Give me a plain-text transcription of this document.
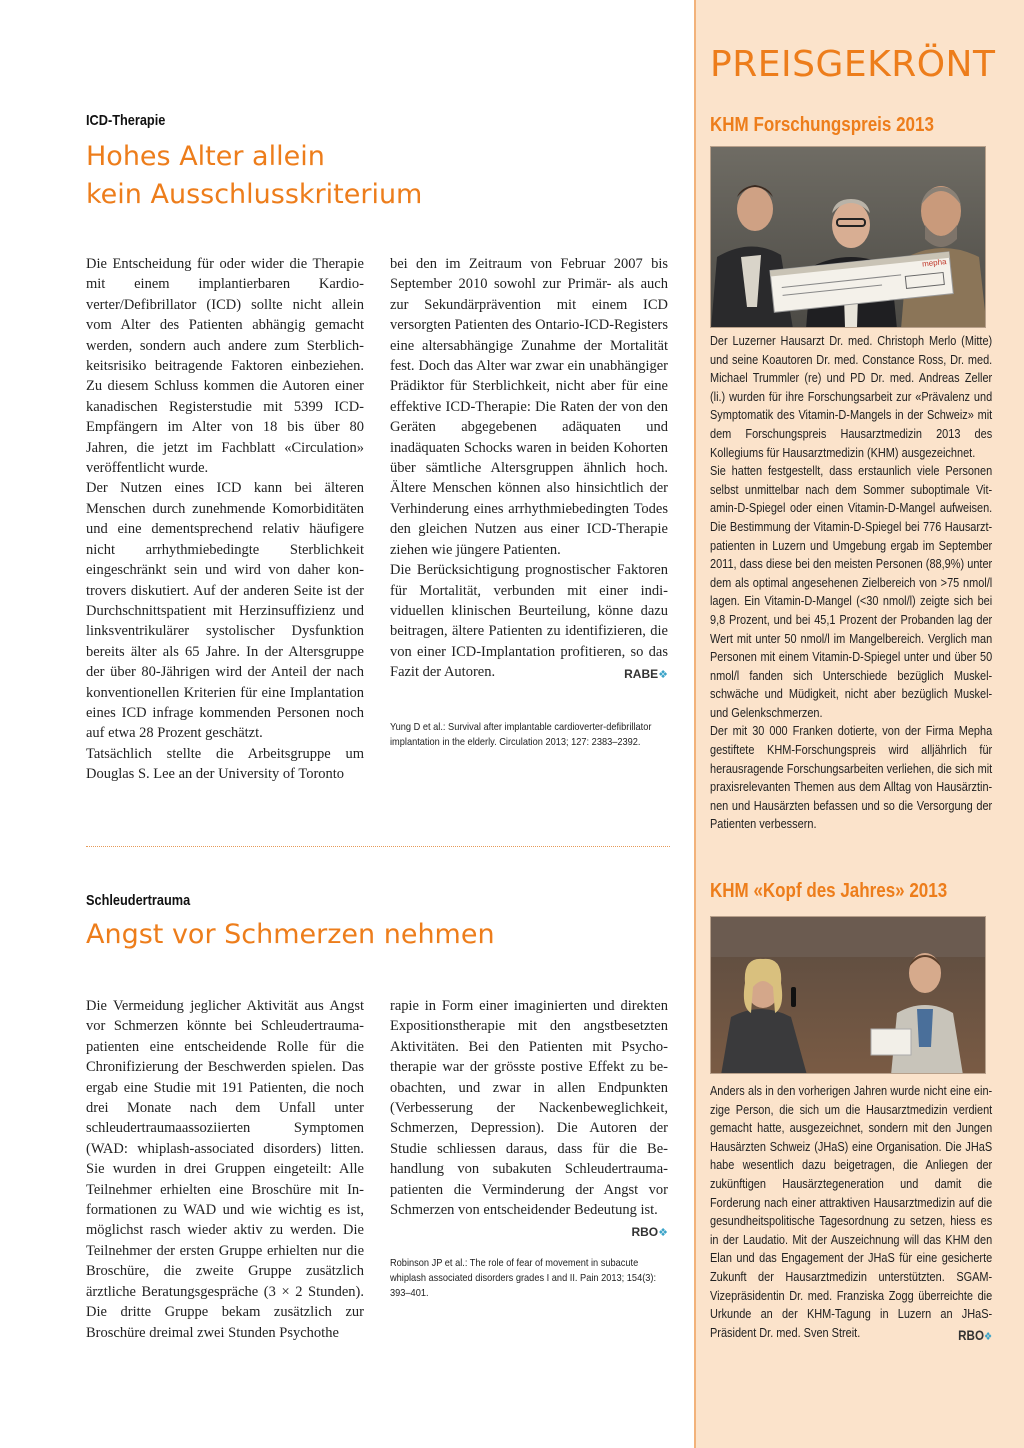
ICD-Therapie
Hohes Alter allein
kein Ausschlusskriterium

Die Entscheidung für oder wider die Therapie mit einem implantierbaren Kardioverter/Defibrillator (ICD) sollte nicht allein vom Alter des Patienten abhängig gemacht werden, sondern auch andere zum Sterblichkeitsrisiko beitragende Faktoren einbeziehen. Zu diesem Schluss kommen die Autoren einer kanadischen Registerstudie mit 5399 ICD-Empfängern im Alter von 18 bis über 80 Jahren, die jetzt im Fachblatt «Circulation» veröffentlicht wurde.

Der Nutzen eines ICD kann bei älteren Menschen durch zunehmende Komorbiditäten und eine dementsprechend relativ häufigere nicht arrhythmiebedingte Sterblichkeit eingeschränkt sein und wird von daher kontrovers diskutiert. Auf der anderen Seite ist der Durchschnittspatient mit Herzinsuffizienz und linksventrikulärer systolischer Dysfunktion bereits älter als 65 Jahre. In der Altersgruppe der über 80-Jährigen wird der Anteil der nach konventionellen Kriterien für eine Implantation eines ICD infrage kommenden Personen noch auf etwa 28 Prozent geschätzt.

Tatsächlich stellte die Arbeitsgruppe um Douglas S. Lee an der University of Toronto

bei den im Zeitraum von Februar 2007 bis September 2010 sowohl zur Primär- als auch zur Sekundärprävention mit einem ICD versorgten Patienten des Ontario-ICD-Registers eine altersabhängige Zunahme der Mortalität fest. Doch das Alter war zwar ein unabhängiger Prädiktor für Sterblichkeit, nicht aber für eine effektive ICD-Therapie: Die Raten der von den Geräten abgegebenen adäquaten und inadäquaten Schocks waren in beiden Kohorten über sämtliche Altersgruppen ähnlich hoch. Ältere Menschen können also hinsichtlich der Verhinderung eines arrhythmiebedingten Todes den gleichen Nutzen aus einer ICD-Therapie ziehen wie jüngere Patienten.

Die Berücksichtigung prognostischer Faktoren für Mortalität, verbunden mit einer individuellen klinischen Beurteilung, könne dazu beitragen, ältere Patienten zu identifizieren, die von einer ICD-Implantation profitieren, so das Fazit der Autoren.	RABE❖

Yung D et al.: Survival after implantable cardioverter-defibrillator implantation in the elderly. Circulation 2013; 127: 2383–2392.
Schleudertrauma
Angst vor Schmerzen nehmen

Die Vermeidung jeglicher Aktivität aus Angst vor Schmerzen könnte bei Schleudertraumapatienten eine entscheidende Rolle für die Chronifizierung der Beschwerden spielen. Das ergab eine Studie mit 191 Patienten, die noch drei Monate nach dem Unfall unter schleudertraumaassoziierten Symptomen (WAD: whiplash-associated disorders) litten. Sie wurden in drei Gruppen eingeteilt: Alle Teilnehmer erhielten eine Broschüre mit Informationen zu WAD und wie wichtig es ist, möglichst rasch wieder aktiv zu werden. Die Teilnehmer der ersten Gruppe erhielten nur die Broschüre, die zweite Gruppe zusätzlich ärztliche Beratungsgespräche (3 × 2 Stunden). Die dritte Gruppe bekam zusätzlich zur Broschüre dreimal zwei Stunden Psychothe

rapie in Form einer imaginierten und direkten Expositionstherapie mit den angstbesetzten Aktivitäten. Bei den Patienten mit Psychotherapie war der grösste postive Effekt zu beobachten, und zwar in allen Endpunkten (Verbesserung der Nackenbeweglichkeit, Schmerzen, Depression). Die Autoren der Studie schliessen daraus, dass für die Behandlung von subakuten Schleudertraumapatienten die Verminderung der Angst vor Schmerzen von entscheidender Bedeutung ist.
RBO❖

Robinson JP et al.: The role of fear of movement in subacute whiplash associated disorders grades I and II. Pain 2013; 154(3): 393–401.
PREISGEKRÖNT
KHM Forschungspreis 2013
mepha

Der Luzerner Hausarzt Dr. med. Christoph Merlo (Mitte) und seine Koautoren Dr. med. Constance Ross, Dr. med. Michael Trummler (re) und PD Dr. med. Andreas Zeller (li.) wurden für ihre Forschungsarbeit zur «Prävalenz und Symptomatik des Vitamin-D-Mangels in der Schweiz» mit dem Forschungspreis Hausarztmedizin 2013 des Kollegiums für Hausarztmedizin (KHM) ausgezeichnet.

Sie hatten festgestellt, dass erstaunlich viele Personen selbst unmittelbar nach dem Sommer suboptimale Vitamin-D-Spiegel oder einen Vitamin-D-Mangel aufweisen. Die Bestimmung der Vitamin-D-Spiegel bei 776 Hausarztpatienten in Luzern und Umgebung ergab im September 2011, dass diese bei den meisten Personen (88,9%) unter dem als optimal angesehenen Zielbereich von >75 nmol/l lagen. Ein Vitamin-D-Mangel (<30 nmol/l) zeigte sich bei 9,8 Prozent, und bei 45,1 Prozent der Probanden lag der Wert mit unter 50 nmol/l im Mangelbereich. Verglich man Personen mit einem Vitamin-D-Spiegel unter und über 50 nmol/l fanden sich Unterschiede bezüglich Muskelschwäche und Müdigkeit, nicht aber bezüglich Muskel- und Gelenkschmerzen.

Der mit 30 000 Franken dotierte, von der Firma Mepha gestiftete KHM-Forschungspreis wird alljährlich für herausragende Forschungsarbeiten verliehen, die sich mit praxisrelevanten Themen aus dem Alltag von Hausärztinnen und Hausärzten befassen und so die Versorgung der Patienten verbessern.

KHM «Kopf des Jahres» 2013

Anders als in den vorherigen Jahren wurde nicht eine einzige Person, die sich um die Hausarztmedizin verdient gemacht hatte, ausgezeichnet, sondern mit den Jungen Hausärzten Schweiz (JHaS) eine Organisation. Die JHaS habe wesentlich dazu beigetragen, die Anliegen der zukünftigen Hausärztegeneration und damit die Forderung nach einer attraktiven Hausarztmedizin auf die gesundheitspolitische Tagesordnung zu setzen, hiess es in der Laudatio. Mit der Auszeichnung will das KHM den Elan und das Engagement der JHaS für eine gesicherte Zukunft der Hausarztmedizin unterstützten. SGAM-Vizepräsidentin Dr. med. Franziska Zogg überreichte die Urkunde an der KHM-Tagung in Luzern an JHaS-Präsident Dr. med. Sven Streit.	RBO❖
